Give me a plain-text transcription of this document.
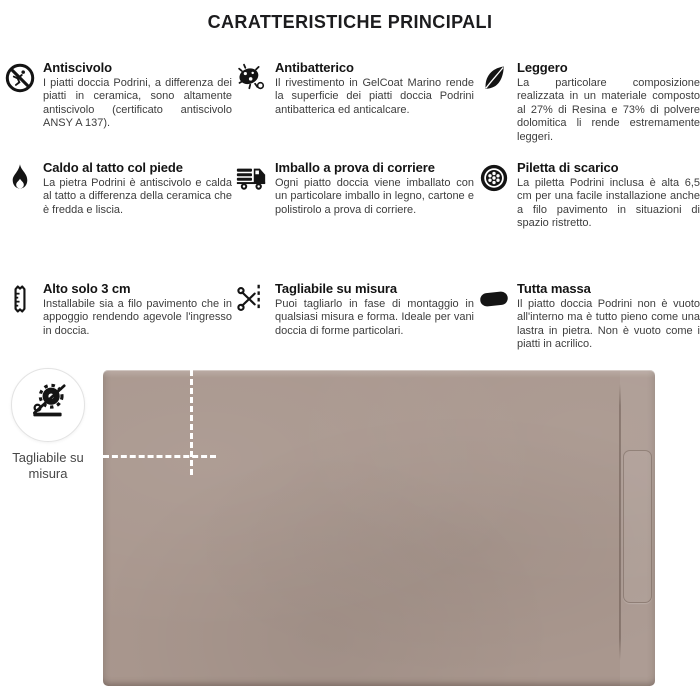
CARATTERISTICHE PRINCIPALI
Antiscivolo
I piatti doccia Podrini, a differenza dei piatti in ceramica, sono altamente antiscivolo (certificato antiscivolo ANSY A 137).
Antibatterico
Il rivestimento in GelCoat Marino rende la superficie dei piatti doccia Podrini antibatterica ed anticalcare.
Leggero
La particolare composizione realizzata in un materiale composto al 27% di Resina e 73% di polvere dolomitica li rende estremamente leggeri.
Caldo al tatto col piede
La pietra Podrini è antiscivolo e calda al tatto a differenza della ceramica che è fredda e liscia.
Imballo a prova di corriere
Ogni piatto doccia viene imballato con un particolare imballo in legno, cartone e polistirolo a prova di corriere.
Piletta di scarico
La piletta Podrini inclusa è alta 6,5 cm per una facile installazione anche a filo pavimento in situazioni di spazio ristretto.
Alto solo 3 cm
Installabile sia a filo pavimento che in appoggio rendendo agevole l'ingresso in doccia.
Tagliabile su misura
Puoi tagliarlo in fase di montaggio in qualsiasi misura e forma. Ideale per vani doccia di forme particolari.
Tutta massa
Il piatto doccia Podrini non è vuoto all'interno ma è tutto pieno come una lastra in pietra. Non è vuoto come i piatti in acrilico.
Tagliabile su misura
